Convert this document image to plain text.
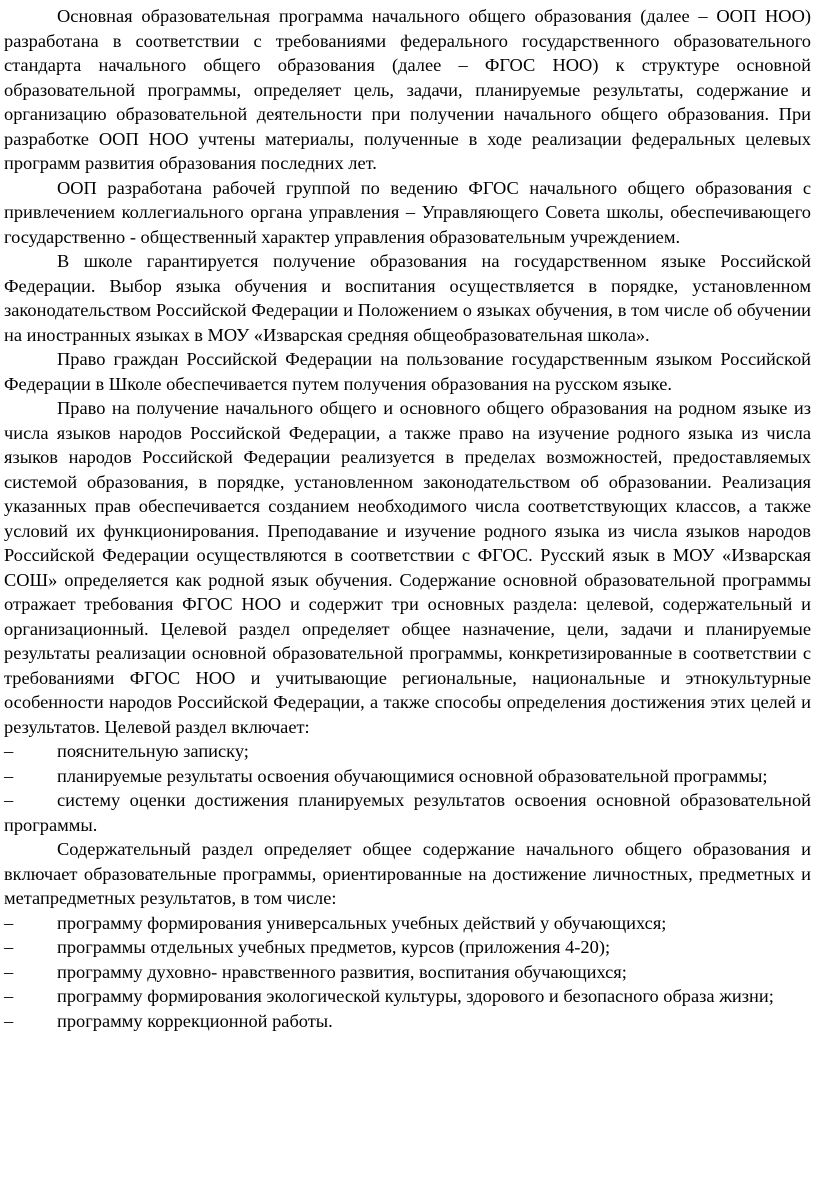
Основная образовательная программа начального общего образования (далее – ООП НОО) разработана в соответствии с требованиями федерального государственного образовательного стандарта начального общего образования (далее – ФГОС НОО) к структуре основной образовательной программы, определяет цель, задачи, планируемые результаты, содержание и организацию образовательной деятельности при получении начального общего образования. При разработке ООП НОО учтены материалы, полученные в ходе реализации федеральных целевых программ развития образования последних лет.

ООП разработана рабочей группой по ведению ФГОС начального общего образования с привлечением коллегиального органа управления – Управляющего Совета школы, обеспечивающего государственно - общественный характер управления образовательным учреждением.

В школе гарантируется получение образования на государственном языке Российской Федерации. Выбор языка обучения и воспитания осуществляется в порядке, установленном законодательством Российской Федерации и Положением о языках обучения, в том числе об обучении на иностранных языках в МОУ «Изварская средняя общеобразовательная школа».

Право граждан Российской Федерации на пользование государственным языком Российской Федерации в Школе обеспечивается путем получения образования на русском языке.

Право на получение начального общего и основного общего образования на родном языке из числа языков народов Российской Федерации, а также право на изучение родного языка из числа языков народов Российской Федерации реализуется в пределах возможностей, предоставляемых системой образования, в порядке, установленном законодательством об образовании. Реализация указанных прав обеспечивается созданием необходимого числа соответствующих классов, а также условий их функционирования. Преподавание и изучение родного языка из числа языков народов Российской Федерации осуществляются в соответствии с ФГОС. Русский язык в МОУ «Изварская СОШ» определяется как родной язык обучения. Содержание основной образовательной программы отражает требования ФГОС НОО и содержит три основных раздела: целевой, содержательный и организационный. Целевой раздел определяет общее назначение, цели, задачи и планируемые результаты реализации основной образовательной программы, конкретизированные в соответствии с требованиями ФГОС НОО и учитывающие региональные, национальные и этнокультурные особенности народов Российской Федерации, а также способы определения достижения этих целей и результатов. Целевой раздел включает:

– пояснительную записку;

– планируемые результаты освоения обучающимися основной образовательной программы;

– систему оценки достижения планируемых результатов освоения основной образовательной программы.

Содержательный раздел определяет общее содержание начального общего образования и включает образовательные программы, ориентированные на достижение личностных, предметных и метапредметных результатов, в том числе:

– программу формирования универсальных учебных действий у обучающихся;

– программы отдельных учебных предметов, курсов (приложения 4-20);

– программу духовно- нравственного развития, воспитания обучающихся;

– программу формирования экологической культуры, здорового и безопасного образа жизни;

– программу коррекционной работы.
